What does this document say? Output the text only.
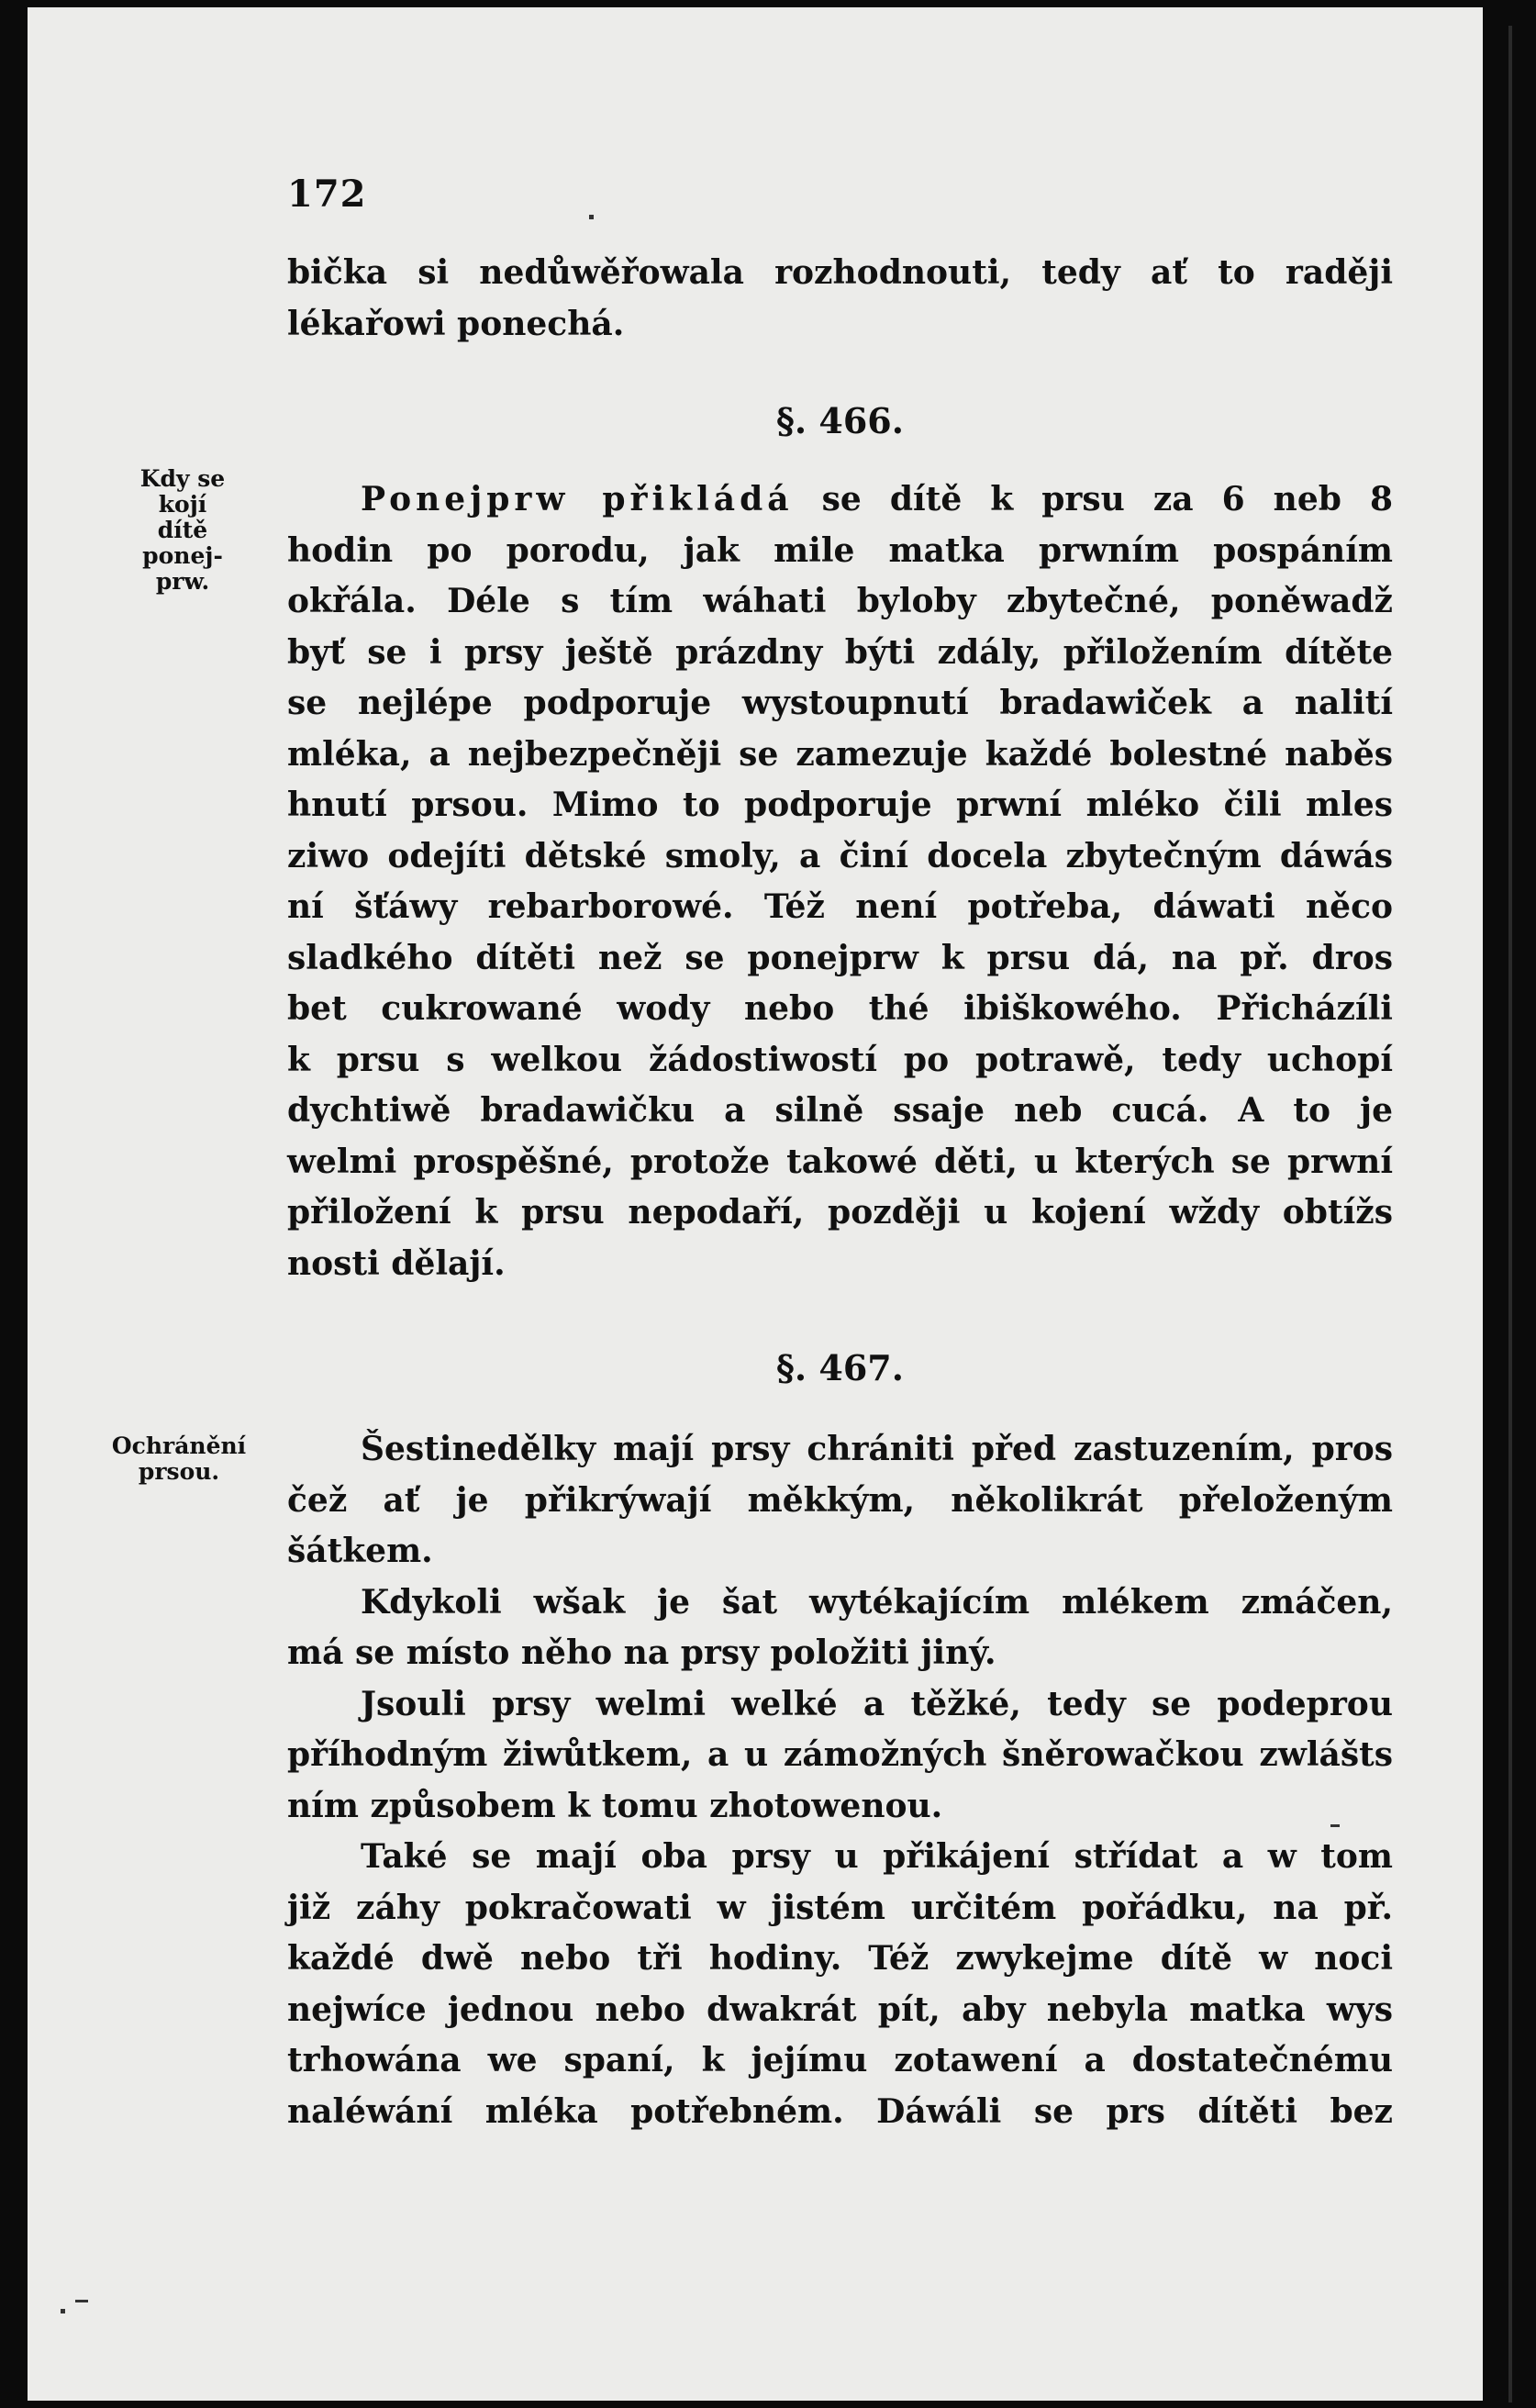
172

bička si nedůwěřowala rozhodnouti, tedy ať to raději

lékařowi ponechá.

§. 466.
Kdy se kojí
dítě ponej-
prw.

Ponejprw přikládá se dítě k prsu za 6 neb 8

hodin po porodu, jak mile matka prwním pospáním

okřála. Déle s tím wáhati byloby zbytečné, poněwadž

byť se i prsy ještě prázdny býti zdály, přiložením dítěte

se nejlépe podporuje wystoupnutí bradawiček a nalití

mléka, a nejbezpečněji se zamezuje každé bolestné naběs

hnutí prsou. Mimo to podporuje prwní mléko čili mles

ziwo odejíti dětské smoly, a činí docela zbytečným dáwás

ní šťáwy rebarborowé. Též není potřeba, dáwati něco

sladkého dítěti než se ponejprw k prsu dá, na př. dros

bet cukrowané wody nebo thé ibiškowého. Přicházíli

k prsu s welkou žádostiwostí po potrawě, tedy uchopí

dychtiwě bradawičku a silně ssaje neb cucá. A to je

welmi prospěšné, protože takowé děti, u kterých se prwní

přiložení k prsu nepodaří, později u kojení wždy obtížs

nosti dělají.

§. 467.
Ochránění
prsou.

Šestinedělky mají prsy chrániti před zastuzením, pros

čež ať je přikrýwají měkkým, několikrát přeloženým

šátkem.

Kdykoli wšak je šat wytékajícím mlékem zmáčen,

má se místo něho na prsy položiti jiný.

Jsouli prsy welmi welké a těžké, tedy se podeprou

příhodným žiwůtkem, a u zámožných šněrowačkou zwlášts

ním způsobem k tomu zhotowenou.

Také se mají oba prsy u přikájení střídat a w tom

již záhy pokračowati w jistém určitém pořádku, na př.

každé dwě nebo tři hodiny. Též zwykejme dítě w noci

nejwíce jednou nebo dwakrát pít, aby nebyla matka wys

trhowána we spaní, k jejímu zotawení a dostatečnému

naléwání mléka potřebném. Dáwáli se prs dítěti bez
